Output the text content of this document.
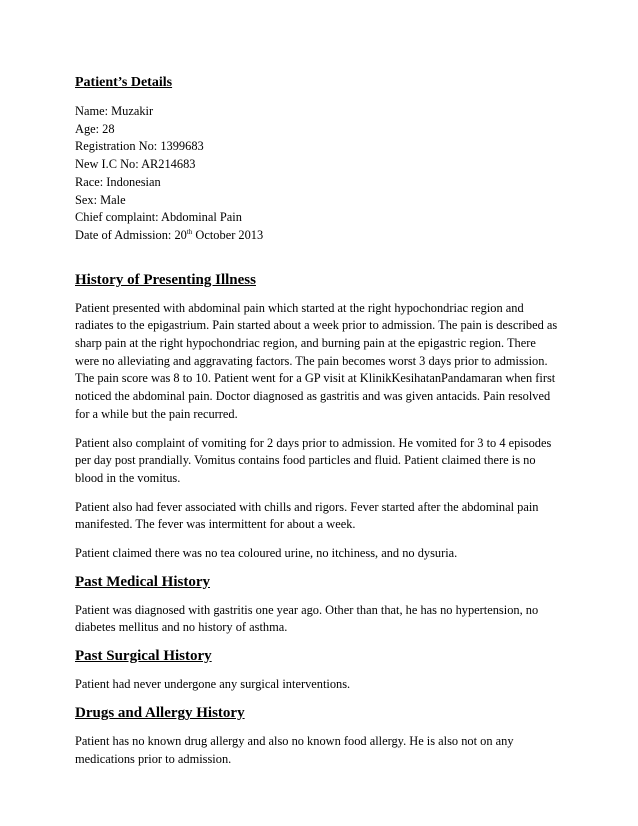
Patient’s Details
Name: Muzakir
Age: 28
Registration No: 1399683
New I.C No: AR214683
Race: Indonesian
Sex: Male
Chief complaint: Abdominal Pain
Date of Admission: 20th October 2013
History of Presenting Illness

Patient presented with abdominal pain which started at the right hypochondriac region and

radiates to the epigastrium. Pain started about a week prior to admission. The pain is described as

sharp pain at the right hypochondriac region, and burning pain at the epigastric region. There

were no alleviating and aggravating factors. The pain becomes worst 3 days prior to admission.

The pain score was 8 to 10. Patient went for a GP visit at KlinikKesihatanPandamaran when first

noticed the abdominal pain. Doctor diagnosed as gastritis and was given antacids. Pain resolved

for a while but the pain recurred.

Patient also complaint of vomiting for 2 days prior to admission. He vomited for 3 to 4 episodes

per day post prandially. Vomitus contains food particles and fluid. Patient claimed there is no

blood in the vomitus.

Patient also had fever associated with chills and rigors. Fever started after the abdominal pain

manifested. The fever was intermittent for about a week.

Patient claimed there was no tea coloured urine, no itchiness, and no dysuria.

Past Medical History

Patient was diagnosed with gastritis one year ago. Other than that, he has no hypertension, no

diabetes mellitus and no history of asthma.

Past Surgical History

Patient had never undergone any surgical interventions.

Drugs and Allergy History

Patient has no known drug allergy and also no known food allergy. He is also not on any

medications prior to admission.
